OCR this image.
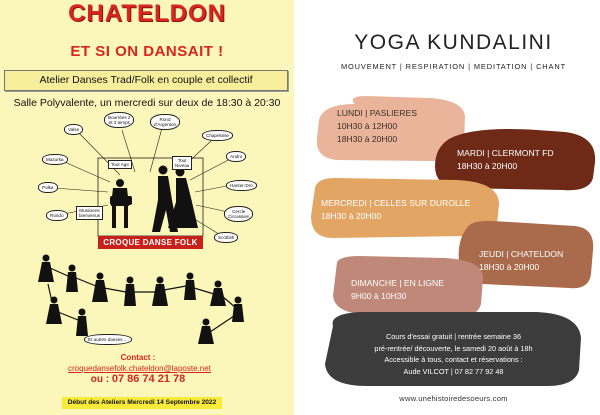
CHATELDON
ET SI ON DANSAIT !
Atelier Danses Trad/Folk en couple et collectif
Salle Polyvalente, un mercredi sur deux de 18:30 à 20:30
Valse
Bourrées 2
et 3 temps
Rond
d'Argenton
Chapeloise
Mazurka
Andro
Polka	Hanter-Dro
Rondo
Cercle
Circassien
Scottish
Et autres danses ...
Tout Age
Tout
Niveau
Musiciens
bienvenus
CROQUE DANSE FOLK
Contact :
croquedansefolk.chateldon@laposte.net
ou : 07 86 74 21 78
Début des Ateliers Mercredi 14 Septembre 2022
YOGA KUNDALINI
MOUVEMENT | RESPIRATION | MEDITATION | CHANT
LUNDI | PASLIERES
10H30 à 12H00
18H30 à 20H00
MARDI | CLERMONT FD
18H30 à 20H00
MERCREDI | CELLES SUR DUROLLE
18H30 à 20H00
JEUDI | CHATELDON
18H30 à 20H00
DIMANCHE | EN LIGNE
9H00 à 10H30
Cours d'essai gratuit | rentrée semaine 36
pré-rentrée/ découverte, le samedi 20 août à 18h
Accessible à tous, contact et réservations :
Aude VILCOT | 07 82 77 92 48
www.unehistoiredesoeurs.com
